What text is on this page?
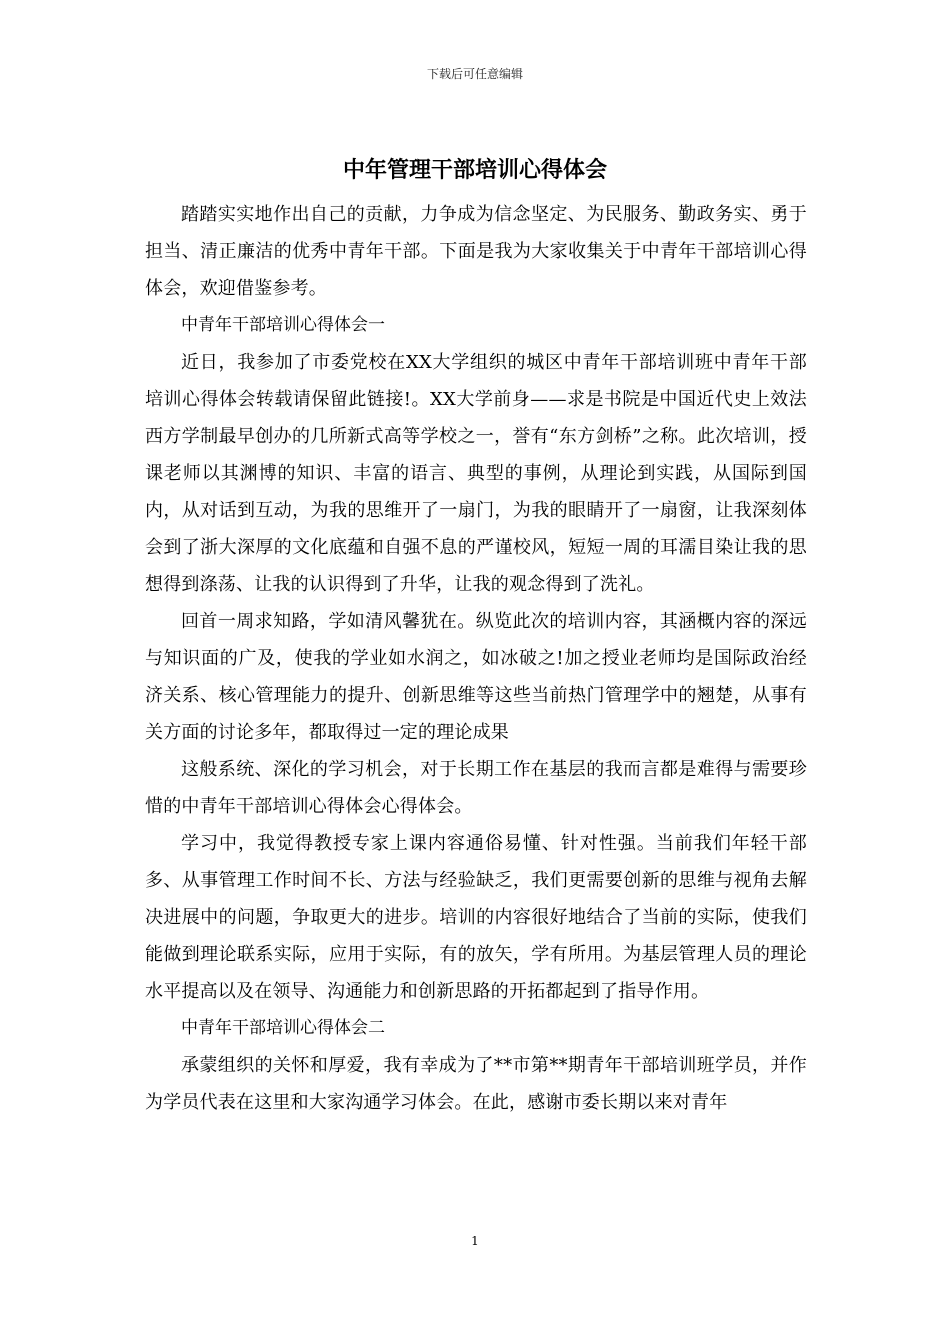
下载后可任意编辑
中年管理干部培训心得体会

踏踏实实地作出自己的贡献，力争成为信念坚定、为民服务、勤政务实、勇于担当、清正廉洁的优秀中青年干部。下面是我为大家收集关于中青年干部培训心得体会，欢迎借鉴参考。

中青年干部培训心得体会一

近日，我参加了市委党校在XX大学组织的城区中青年干部培训班中青年干部培训心得体会转载请保留此链接!。XX大学前身——求是书院是中国近代史上效法西方学制最早创办的几所新式高等学校之一，誉有“东方剑桥”之称。此次培训，授课老师以其渊博的知识、丰富的语言、典型的事例，从理论到实践，从国际到国内，从对话到互动，为我的思维开了一扇门，为我的眼睛开了一扇窗，让我深刻体会到了浙大深厚的文化底蕴和自强不息的严谨校风，短短一周的耳濡目染让我的思想得到涤荡、让我的认识得到了升华，让我的观念得到了洗礼。

回首一周求知路，学如清风馨犹在。纵览此次的培训内容，其涵概内容的深远与知识面的广及，使我的学业如水润之，如冰破之!加之授业老师均是国际政治经济关系、核心管理能力的提升、创新思维等这些当前热门管理学中的翘楚，从事有关方面的讨论多年，都取得过一定的理论成果

这般系统、深化的学习机会，对于长期工作在基层的我而言都是难得与需要珍惜的中青年干部培训心得体会心得体会。

学习中，我觉得教授专家上课内容通俗易懂、针对性强。当前我们年轻干部多、从事管理工作时间不长、方法与经验缺乏，我们更需要创新的思维与视角去解决进展中的问题，争取更大的进步。培训的内容很好地结合了当前的实际，使我们能做到理论联系实际，应用于实际，有的放矢，学有所用。为基层管理人员的理论水平提高以及在领导、沟通能力和创新思路的开拓都起到了指导作用。

中青年干部培训心得体会二

承蒙组织的关怀和厚爱，我有幸成为了**市第**期青年干部培训班学员，并作为学员代表在这里和大家沟通学习体会。在此，感谢市委长期以来对青年

1
